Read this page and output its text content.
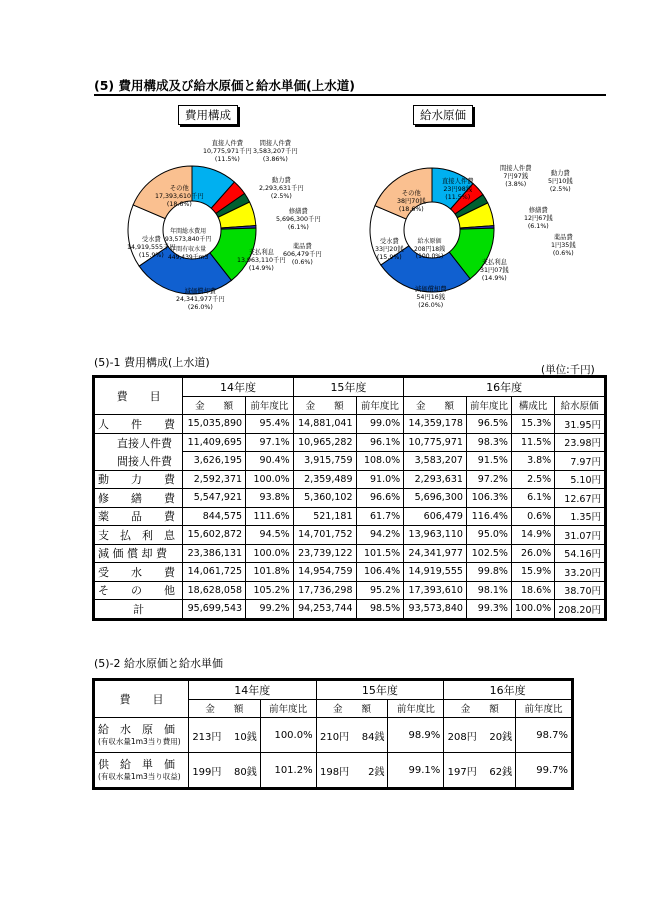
(5) 費用構成及び給水原価と給水単価(上水道)
費用構成	給水原価
直接人件費
10,775,971千円
(11.5%)
間接人件費
3,583,207千円
(3.86%)
動力費
2,293,631千円
(2.5%)
修繕費
5,696,300千円
(6.1%)
薬品費
606,479千円
(0.6%)
支払利息
13,963,110千円
(14.9%)
減価償却費
24,341,977千円
(26.0%)
受水費
14,919,555千円
(15.9%)
その他
17,393,610千円
(18.6%)
年間総水費用
93,573,840千円
年間有収水量
449,439千m3
直接人件費
23円98銭
(11.5%)
間接人件費
7円97銭
(3.8%)
動力費
5円10銭
(2.5%)
修繕費
12円67銭
(6.1%)
薬品費
1円35銭
(0.6%)
支払利息
31円07銭
(14.9%)
減価償却費
54円16銭
(26.0%)
受水費
33円20銭
(15.9%)
その他
38円70銭
(18.6%)
給水原価
208円18銭
(100.0%)
(5)-1 費用構成(上水道)
(単位:千円)
費　　目	14年度		15年度		16年度			
	金　　額	前年度比	金　　額	前年度比	金　　額	前年度比	構成比	給水原価
人　　件　　費	15,035,890	95.4%	14,881,041	99.0%	14,359,178	96.5%	15.3%	31.95円
直接人件費	11,409,695	97.1%	10,965,282	96.1%	10,775,971	98.3%	11.5%	23.98円
間接人件費	3,626,195	90.4%	3,915,759	108.0%	3,583,207	91.5%	3.8%	7.97円
動　　力　　費	2,592,371	100.0%	2,359,489	91.0%	2,293,631	97.2%	2.5%	5.10円
修　　繕　　費	5,547,921	93.8%	5,360,102	96.6%	5,696,300	106.3%	6.1%	12.67円
薬　　品　　費	844,575	111.6%	521,181	61.7%	606,479	116.4%	0.6%	1.35円
支　払　利　息	15,602,872	94.5%	14,701,752	94.2%	13,963,110	95.0%	14.9%	31.07円
減 価 償 却 費	23,386,131	100.0%	23,739,122	101.5%	24,341,977	102.5%	26.0%	54.16円
受　　水　　費	14,061,725	101.8%	14,954,759	106.4%	14,919,555	99.8%	15.9%	33.20円
そ　　の　　他	18,628,058	105.2%	17,736,298	95.2%	17,393,610	98.1%	18.6%	38.70円
計	95,699,543	99.2%	94,253,744	98.5%	93,573,840	99.3%	100.0%	208.20円
(5)-2 給水原価と給水単価
費　　目	14年度			15年度			16年度		
	金　　額		前年度比	金　　額		前年度比	金　　額		前年度比

給　水　原　価
(有収水量1m3当り費用)	213円	10銭	100.0%	210円	84銭	98.9%	208円	20銭	98.7%

供　給　単　価
(有収水量1m3当り収益)	199円	80銭	101.2%	198円	2銭	99.1%	197円	62銭	99.7%
